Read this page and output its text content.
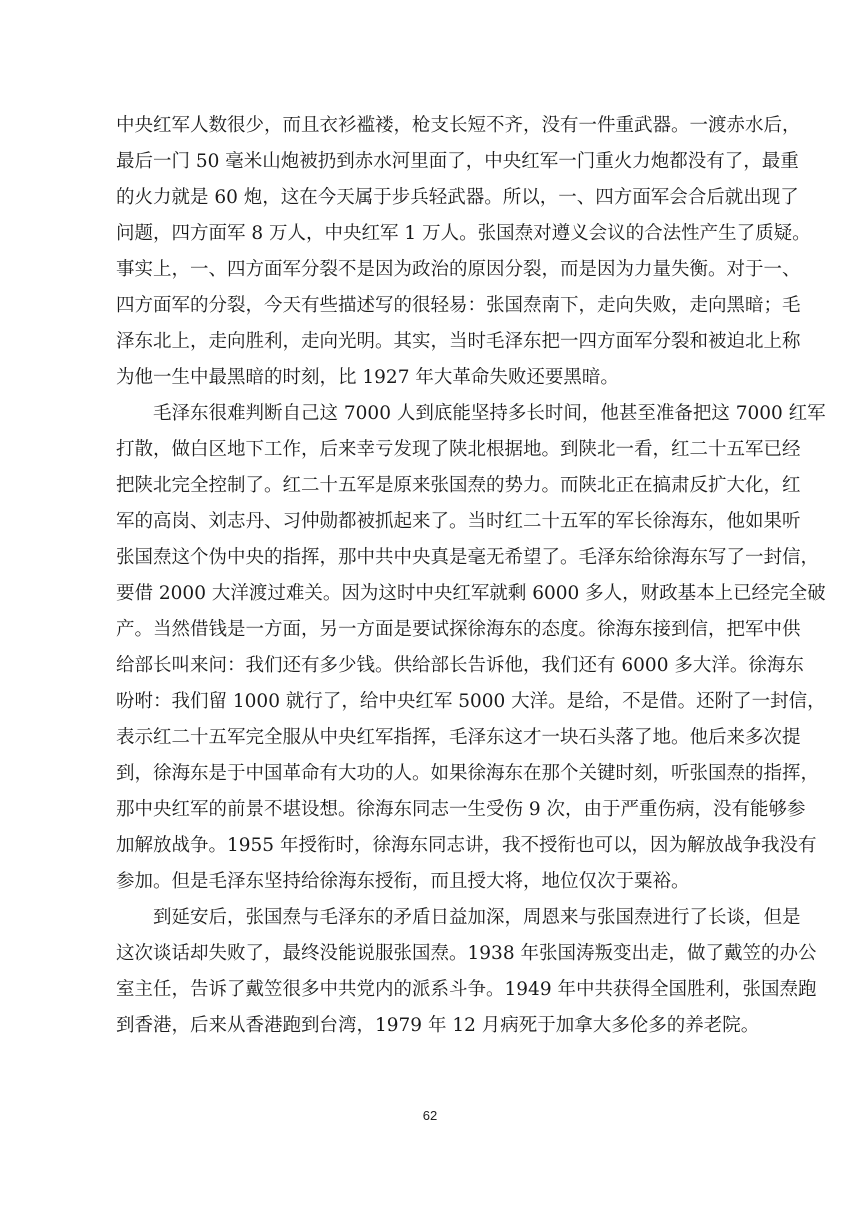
中央红军人数很少，而且衣衫褴褛，枪支长短不齐，没有一件重武器。一渡赤水后，
最后一门 50 毫米山炮被扔到赤水河里面了，中央红军一门重火力炮都没有了，最重
的火力就是 60 炮，这在今天属于步兵轻武器。所以，一、四方面军会合后就出现了
问题，四方面军 8 万人，中央红军 1 万人。张国焘对遵义会议的合法性产生了质疑。
事实上，一、四方面军分裂不是因为政治的原因分裂，而是因为力量失衡。对于一、
四方面军的分裂，今天有些描述写的很轻易：张国焘南下，走向失败，走向黑暗；毛
泽东北上，走向胜利，走向光明。其实，当时毛泽东把一四方面军分裂和被迫北上称
为他一生中最黑暗的时刻，比 1927 年大革命失败还要黑暗。
毛泽东很难判断自己这 7000 人到底能坚持多长时间，他甚至准备把这 7000 红军
打散，做白区地下工作，后来幸亏发现了陕北根据地。到陕北一看，红二十五军已经
把陕北完全控制了。红二十五军是原来张国焘的势力。而陕北正在搞肃反扩大化，红
军的高岗、刘志丹、习仲勋都被抓起来了。当时红二十五军的军长徐海东，他如果听
张国焘这个伪中央的指挥，那中共中央真是毫无希望了。毛泽东给徐海东写了一封信，
要借 2000 大洋渡过难关。因为这时中央红军就剩 6000 多人，财政基本上已经完全破
产。当然借钱是一方面，另一方面是要试探徐海东的态度。徐海东接到信，把军中供
给部长叫来问：我们还有多少钱。供给部长告诉他，我们还有 6000 多大洋。徐海东
吩咐：我们留 1000 就行了，给中央红军 5000 大洋。是给，不是借。还附了一封信，
表示红二十五军完全服从中央红军指挥，毛泽东这才一块石头落了地。他后来多次提
到，徐海东是于中国革命有大功的人。如果徐海东在那个关键时刻，听张国焘的指挥，
那中央红军的前景不堪设想。徐海东同志一生受伤 9 次，由于严重伤病，没有能够参
加解放战争。1955 年授衔时，徐海东同志讲，我不授衔也可以，因为解放战争我没有
参加。但是毛泽东坚持给徐海东授衔，而且授大将，地位仅次于粟裕。
到延安后，张国焘与毛泽东的矛盾日益加深，周恩来与张国焘进行了长谈，但是
这次谈话却失败了，最终没能说服张国焘。1938 年张国涛叛变出走，做了戴笠的办公
室主任，告诉了戴笠很多中共党内的派系斗争。1949 年中共获得全国胜利，张国焘跑
到香港，后来从香港跑到台湾，1979 年 12 月病死于加拿大多伦多的养老院。
62
